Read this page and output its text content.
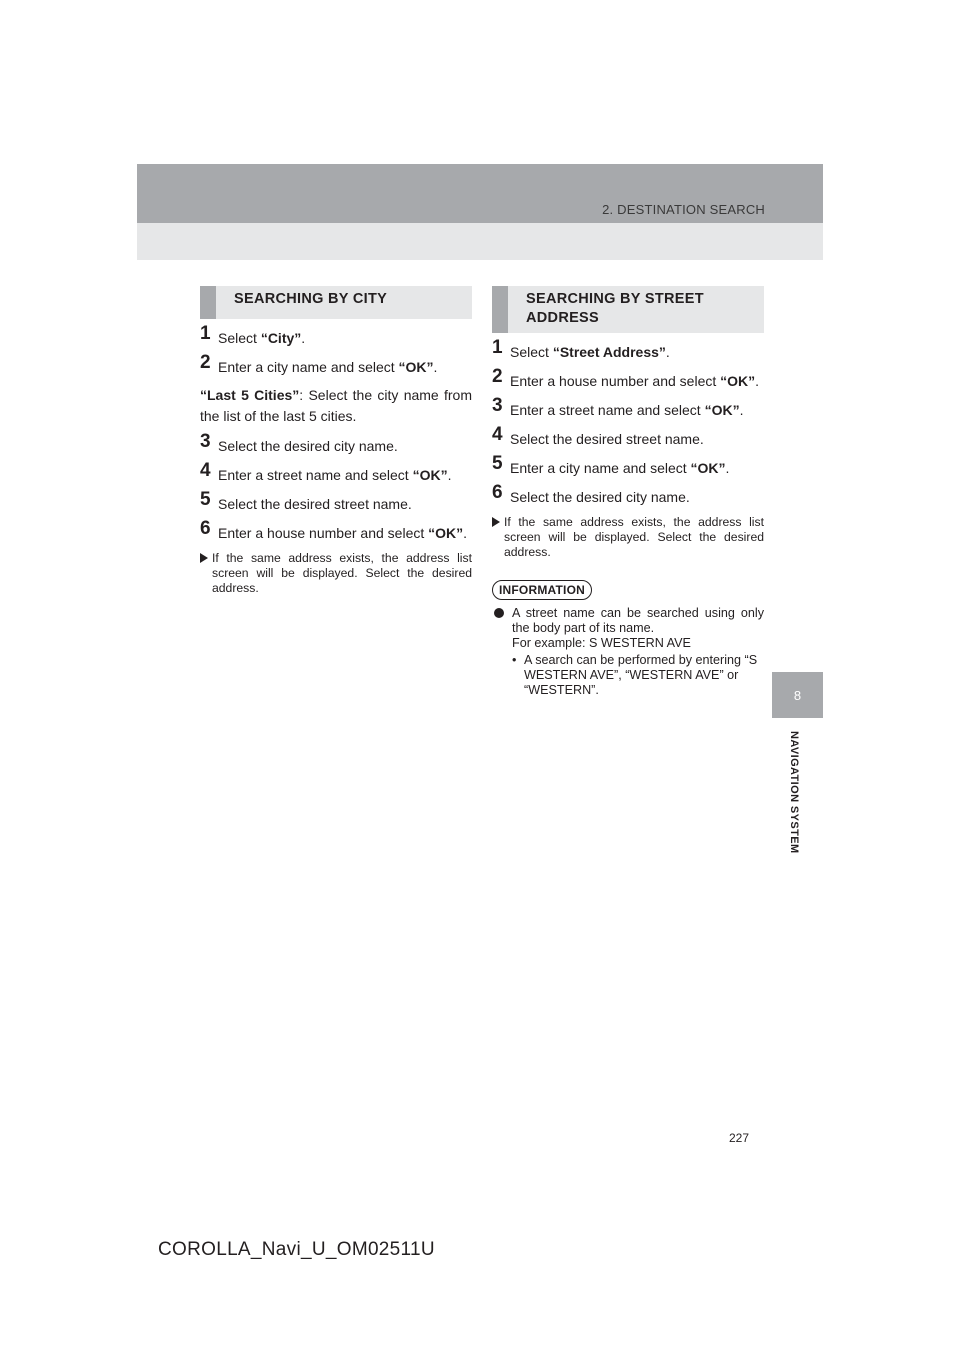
2. DESTINATION SEARCH
8
NAVIGATION SYSTEM
SEARCHING BY CITY
1 Select “City”.
2 Enter a city name and select “OK”.

“Last 5 Cities”: Select the city name from the list of the last 5 cities.

3 Select the desired city name.
4 Enter a street name and select “OK”.
5 Select the desired street name.
6 Enter a house number and select “OK”.
If the same address exists, the address list screen will be displayed. Select the desired address.
SEARCHING BY STREET ADDRESS
1 Select “Street Address”.
2 Enter a house number and select “OK”.
3 Enter a street name and select “OK”.
4 Select the desired street name.
5 Enter a city name and select “OK”.
6 Select the desired city name.
If the same address exists, the address list screen will be displayed. Select the desired address.
INFORMATION

A street name can be searched using only the body part of its name.

For example: S WESTERN AVE

• A search can be performed by entering “S WESTERN AVE”, “WESTERN AVE” or “WESTERN”.
227
COROLLA_Navi_U_OM02511U
